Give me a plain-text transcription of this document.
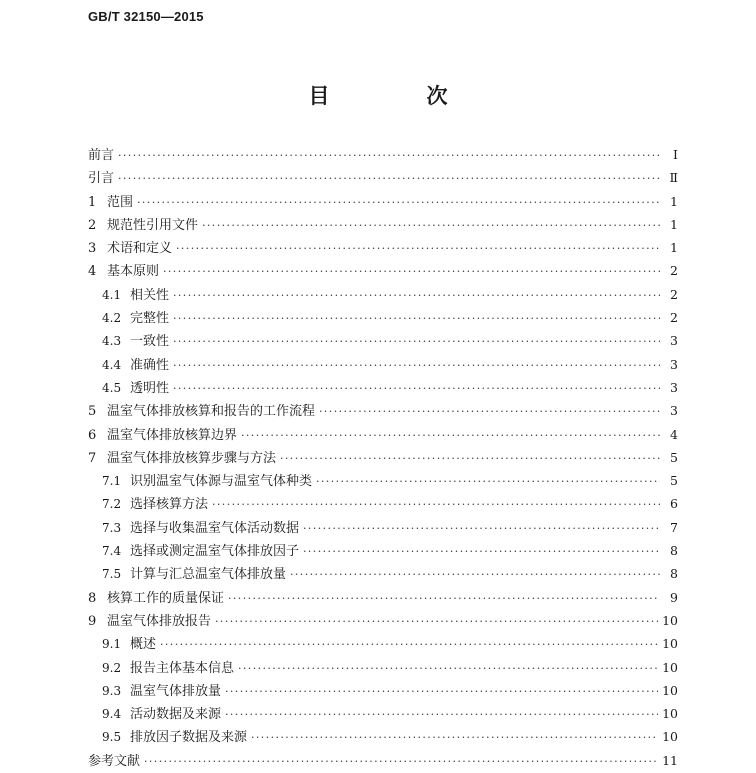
GB/T 32150—2015
目　次
前言 ·····	Ⅰ
引言 ·····	Ⅱ
1 范围 ·····	1
2 规范性引用文件 ·····	1
3 术语和定义 ·····	1
4 基本原则 ·····	2
4.1 相关性 ·····	2
4.2 完整性 ·····	2
4.3 一致性 ·····	3
4.4 准确性 ·····	3
4.5 透明性 ·····	3
5 温室气体排放核算和报告的工作流程 ·····	3
6 温室气体排放核算边界 ·····	4
7 温室气体排放核算步骤与方法 ·····	5
7.1 识别温室气体源与温室气体种类 ·····	5
7.2 选择核算方法 ·····	6
7.3 选择与收集温室气体活动数据 ·····	7
7.4 选择或测定温室气体排放因子 ·····	8
7.5 计算与汇总温室气体排放量 ·····	8
8 核算工作的质量保证 ·····	9
9 温室气体排放报告 ·····	10
9.1 概述 ·····	10
9.2 报告主体基本信息 ·····	10
9.3 温室气体排放量 ·····	10
9.4 活动数据及来源 ·····	10
9.5 排放因子数据及来源 ·····	10
参考文献 ·····	11
